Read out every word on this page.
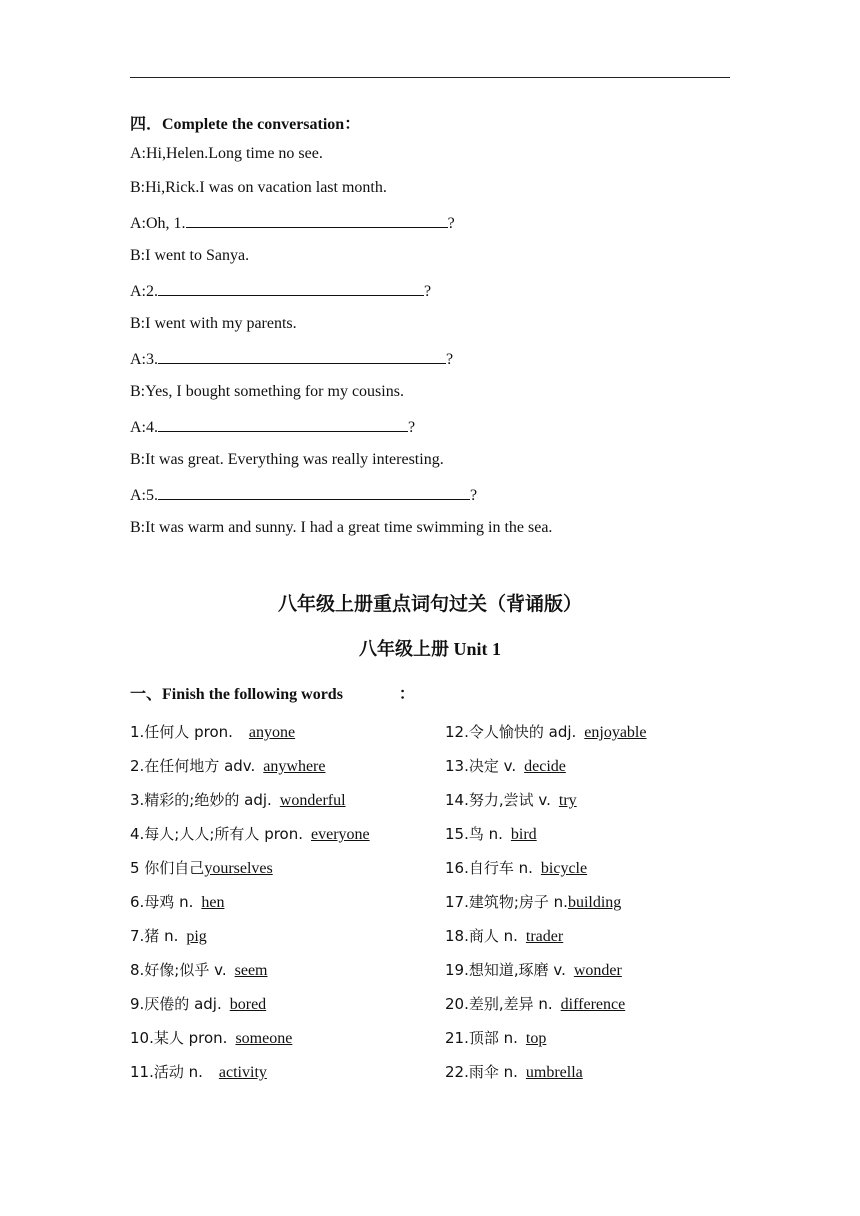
四．Complete the conversation：
A:Hi,Helen.Long time no see.
B:Hi,Rick.I was on vacation last month.
A:Oh, 1.	?
B:I went to Sanya.
A:2.	?
B:I went with my parents.
A:3.	?
B:Yes, I bought something for my cousins.
A:4.	?
B:It was great. Everything was really interesting.
A:5.	?
B:It was warm and sunny. I had a great time swimming in the sea.
八年级上册重点词句过关（背诵版）
八年级上册 Unit 1
一、Finish the following words	：
1.任何人 pron. anyone
2.在任何地方 adv. anywhere
3.精彩的;绝妙的 adj. wonderful
4.每人;人人;所有人 pron. everyone
5 你们自己yourselves
6.母鸡 n. hen
7.猪 n. pig
8.好像;似乎 v. seem
9.厌倦的 adj. bored
10.某人 pron. someone
11.活动 n. activity
12.令人愉快的 adj. enjoyable
13.决定 v. decide
14.努力,尝试 v. try
15.鸟 n. bird
16.自行车 n. bicycle
17.建筑物;房子 n.building
18.商人 n. trader
19.想知道,琢磨 v. wonder
20.差别,差异 n. difference
21.顶部 n. top
22.雨伞 n. umbrella
